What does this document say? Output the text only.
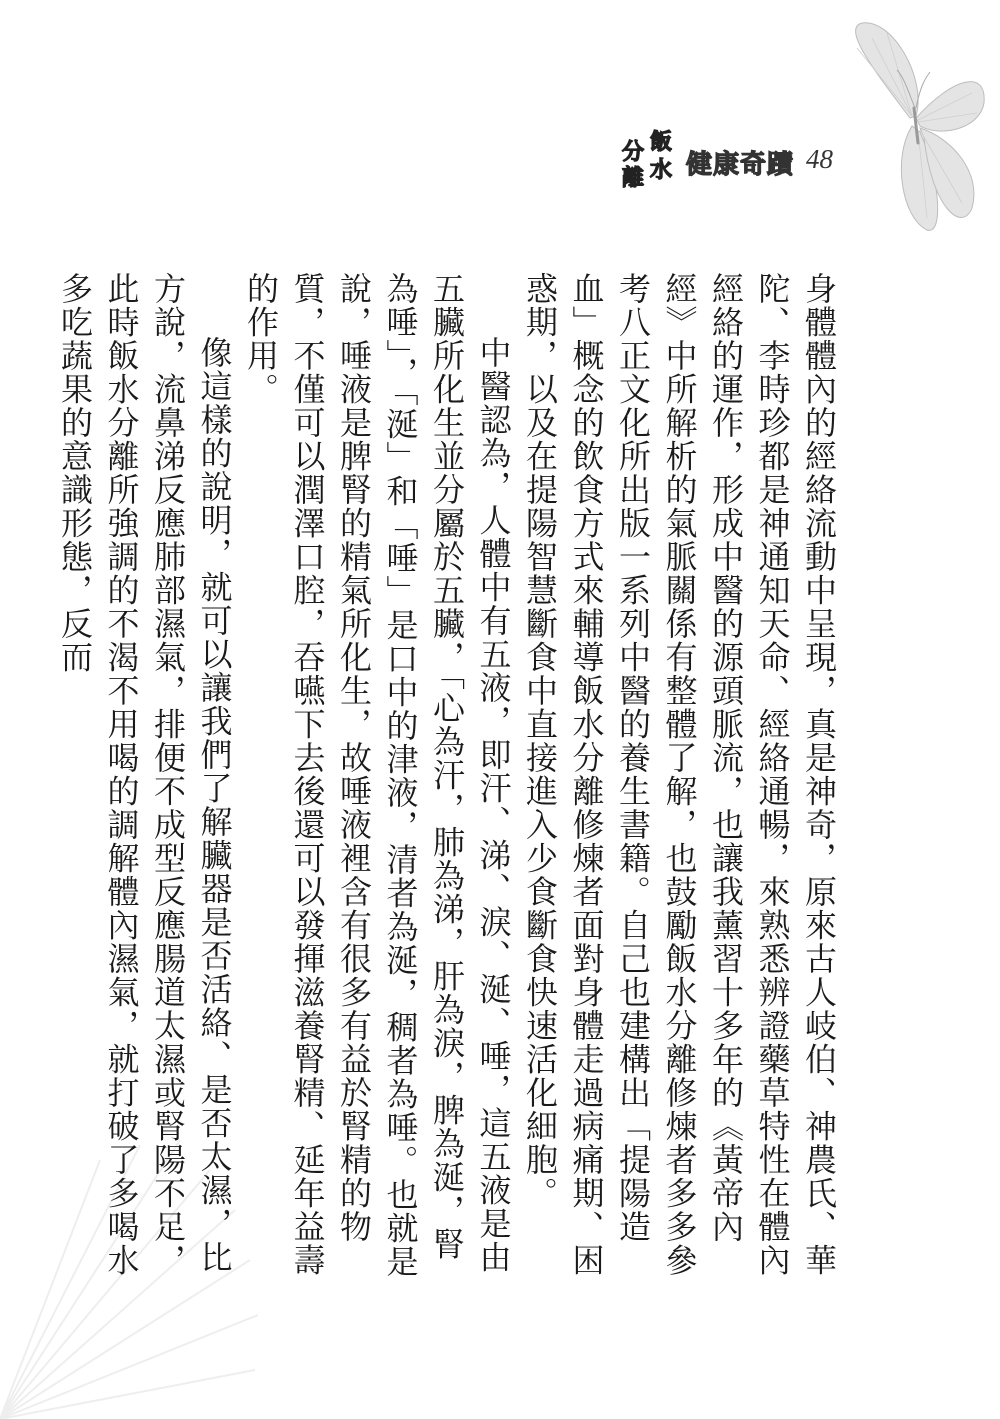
飯
水
分
離 健康奇蹟 48

身體體內的經絡流動中呈現，真是神奇，原來古人岐伯、神農氏、華陀、李時珍都是神通知天命、經絡通暢，來熟悉辨證藥草特性在體內經絡的運作，形成中醫的源頭脈流，也讓我薰習十多年的《黃帝內經》中所解析的氣脈關係有整體了解，也鼓勵飯水分離修煉者多多參考八正文化所出版一系列中醫的養生書籍。自己也建構出「提陽造血」概念的飲食方式來輔導飯水分離修煉者面對身體走過病痛期、困惑期，以及在提陽智慧斷食中直接進入少食斷食快速活化細胞。

中醫認為，人體中有五液，即汗、涕、淚、涎、唾，這五液是由五臟所化生並分屬於五臟，「心為汗，肺為涕，肝為淚，脾為涎，腎為唾」，「涎」和「唾」是口中的津液，清者為涎，稠者為唾。也就是說，唾液是脾腎的精氣所化生，故唾液裡含有很多有益於腎精的物質，不僅可以潤澤口腔，吞嚥下去後還可以發揮滋養腎精、延年益壽的作用。

像這樣的說明，就可以讓我們了解臟器是否活絡、是否太濕，比方說，流鼻涕反應肺部濕氣，排便不成型反應腸道太濕或腎陽不足，此時飯水分離所強調的不渴不用喝的調解體內濕氣，就打破了多喝水多吃蔬果的意識形態，反而
